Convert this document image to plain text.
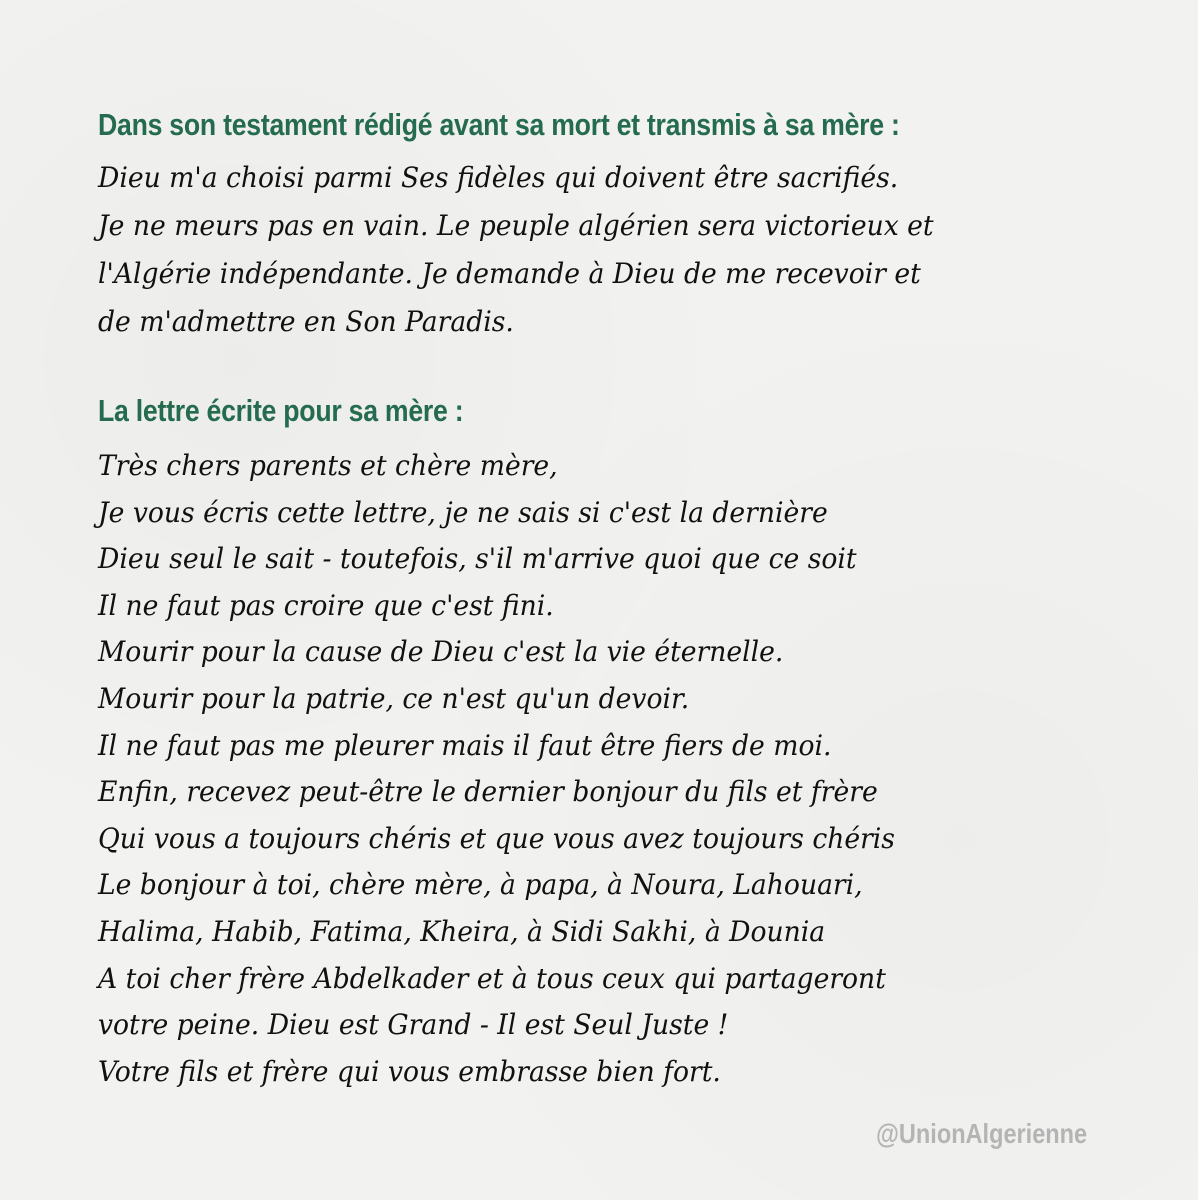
Dans son testament rédigé avant sa mort et transmis à sa mère :
Dieu m'a choisi parmi Ses fidèles qui doivent être sacrifiés.
Je ne meurs pas en vain. Le peuple algérien sera victorieux et
l'Algérie indépendante. Je demande à Dieu de me recevoir et
de m'admettre en Son Paradis.
La lettre écrite pour sa mère :
Très chers parents et chère mère,
Je vous écris cette lettre, je ne sais si c'est la dernière
Dieu seul le sait - toutefois, s'il m'arrive quoi que ce soit
Il ne faut pas croire que c'est fini.
Mourir pour la cause de Dieu c'est la vie éternelle.
Mourir pour la patrie, ce n'est qu'un devoir.
Il ne faut pas me pleurer mais il faut être fiers de moi.
Enfin, recevez peut-être le dernier bonjour du fils et frère
Qui vous a toujours chéris et que vous avez toujours chéris
Le bonjour à toi, chère mère, à papa, à Noura, Lahouari,
Halima, Habib, Fatima, Kheira, à Sidi Sakhi, à Dounia
A toi cher frère Abdelkader et à tous ceux qui partageront
votre peine. Dieu est Grand - Il est Seul Juste !
Votre fils et frère qui vous embrasse bien fort.
@UnionAlgerienne
